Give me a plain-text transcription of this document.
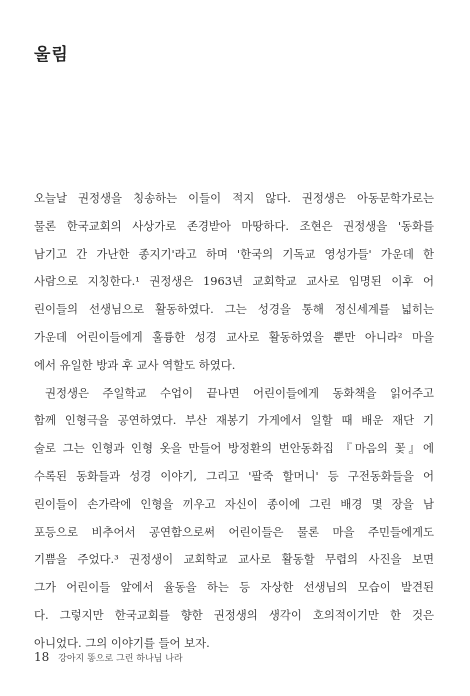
울림

오늘날 권정생을 칭송하는 이들이 적지 않다. 권정생은 아동문학가로는
물론 한국교회의 사상가로 존경받아 마땅하다. 조현은 권정생을 '동화를
남기고 간 가난한 종지기'라고 하며 '한국의 기독교 영성가들' 가운데 한
사람으로 지칭한다.¹ 권정생은 1963년 교회학교 교사로 임명된 이후 어
린이들의 선생님으로 활동하였다. 그는 성경을 통해 정신세계를 넓히는
가운데 어린이들에게 훌륭한 성경 교사로 활동하였을 뿐만 아니라² 마을
에서 유일한 방과 후 교사 역할도 하였다.

권정생은 주일학교 수업이 끝나면 어린이들에게 동화책을 읽어주고
함께 인형극을 공연하였다. 부산 재봉기 가게에서 일할 때 배운 재단 기
술로 그는 인형과 인형 옷을 만들어 방정환의 번안동화집 『마음의 꽃』에
수록된 동화들과 성경 이야기, 그리고 '팔죽 할머니' 등 구전동화들을 어
린이들이 손가락에 인형을 끼우고 자신이 종이에 그린 배경 몇 장을 남
포등으로 비추어서 공연함으로써 어린이들은 물론 마을 주민들에게도
기쁨을 주었다.³ 권정생이 교회학교 교사로 활동할 무렵의 사진을 보면
그가 어린이들 앞에서 율동을 하는 등 자상한 선생님의 모습이 발견된
다. 그렇지만 한국교회를 향한 권정생의 생각이 호의적이기만 한 것은
아니었다. 그의 이야기를 들어 보자.

18 강아지 똥으로 그린 하나님 나라
